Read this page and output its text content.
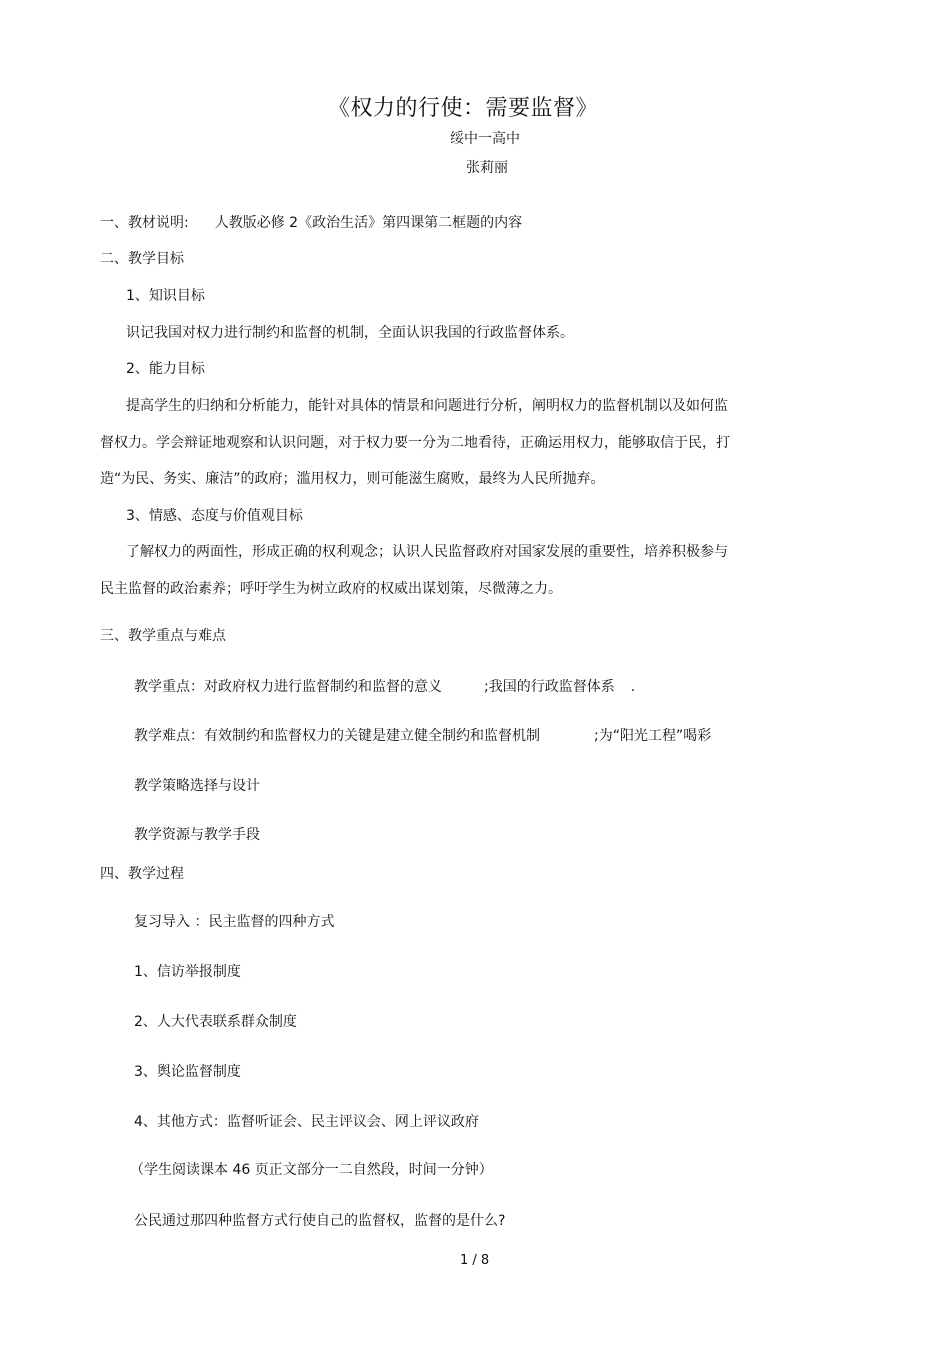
《权力的行使：需要监督》
绥中一高中
张莉丽
一、教材说明: 人教版必修 2《政治生活》第四课第二框题的内容
二、教学目标
1、知识目标
识记我国对权力进行制约和监督的机制，全面认识我国的行政监督体系。
2、能力目标
提高学生的归纳和分析能力，能针对具体的情景和问题进行分析，阐明权力的监督机制以及如何监
督权力。学会辩证地观察和认识问题，对于权力要一分为二地看待，正确运用权力，能够取信于民，打
造“为民、务实、廉洁”的政府；滥用权力，则可能滋生腐败，最终为人民所抛弃。
3、情感、态度与价值观目标
了解权力的两面性，形成正确的权利观念；认识人民监督政府对国家发展的重要性，培养积极参与
民主监督的政治素养；呼吁学生为树立政府的权威出谋划策，尽微薄之力。
三、教学重点与难点
教学重点：对政府权力进行监督制约和监督的意义	;我国的行政监督体系 .
教学难点：有效制约和监督权力的关键是建立健全制约和监督机制	;为“阳光工程”喝彩
教学策略选择与设计
教学资源与教学手段
四、教学过程
复习导入 ：民主监督的四种方式
1、信访举报制度
2、人大代表联系群众制度
3、舆论监督制度
4、其他方式：监督听证会、民主评议会、网上评议政府
（学生阅读课本 46 页正文部分一二自然段，时间一分钟）
公民通过那四种监督方式行使自己的监督权，监督的是什么?
1 / 8
